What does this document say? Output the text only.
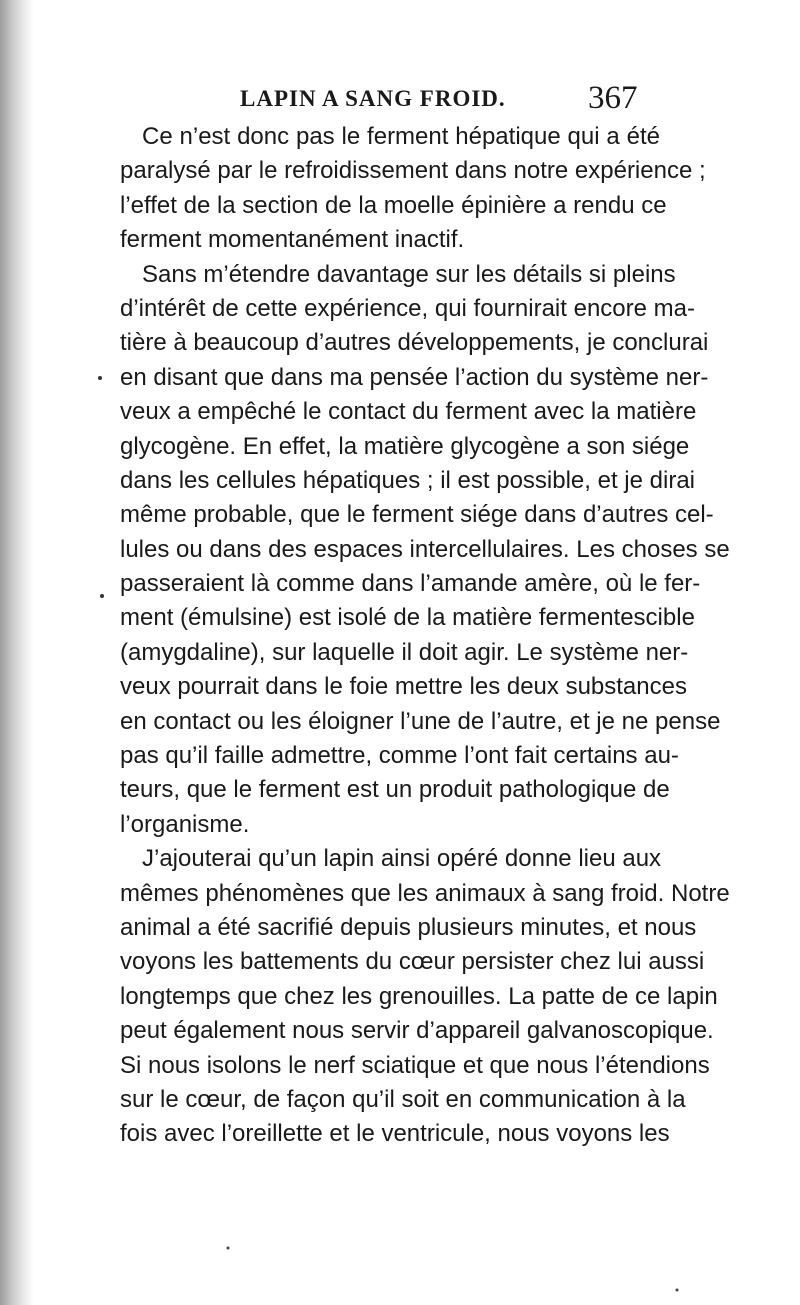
LAPIN A SANG FROID. 367
Ce n’est donc pas le ferment hépatique qui a été
paralysé par le refroidissement dans notre expérience ;
l’effet de la section de la moelle épinière a rendu ce
ferment momentanément inactif.
Sans m’étendre davantage sur les détails si pleins
d’intérêt de cette expérience, qui fournirait encore ma-
tière à beaucoup d’autres développements, je conclurai
en disant que dans ma pensée l’action du système ner-
veux a empêché le contact du ferment avec la matière
glycogène. En effet, la matière glycogène a son siége
dans les cellules hépatiques ; il est possible, et je dirai
même probable, que le ferment siége dans d’autres cel-
lules ou dans des espaces intercellulaires. Les choses se
passeraient là comme dans l’amande amère, où le fer-
ment (émulsine) est isolé de la matière fermentescible
(amygdaline), sur laquelle il doit agir. Le système ner-
veux pourrait dans le foie mettre les deux substances
en contact ou les éloigner l’une de l’autre, et je ne pense
pas qu’il faille admettre, comme l’ont fait certains au-
teurs, que le ferment est un produit pathologique de
l’organisme.
J’ajouterai qu’un lapin ainsi opéré donne lieu aux
mêmes phénomènes que les animaux à sang froid. Notre
animal a été sacrifié depuis plusieurs minutes, et nous
voyons les battements du cœur persister chez lui aussi
longtemps que chez les grenouilles. La patte de ce lapin
peut également nous servir d’appareil galvanoscopique.
Si nous isolons le nerf sciatique et que nous l’étendions
sur le cœur, de façon qu’il soit en communication à la
fois avec l’oreillette et le ventricule, nous voyons les
